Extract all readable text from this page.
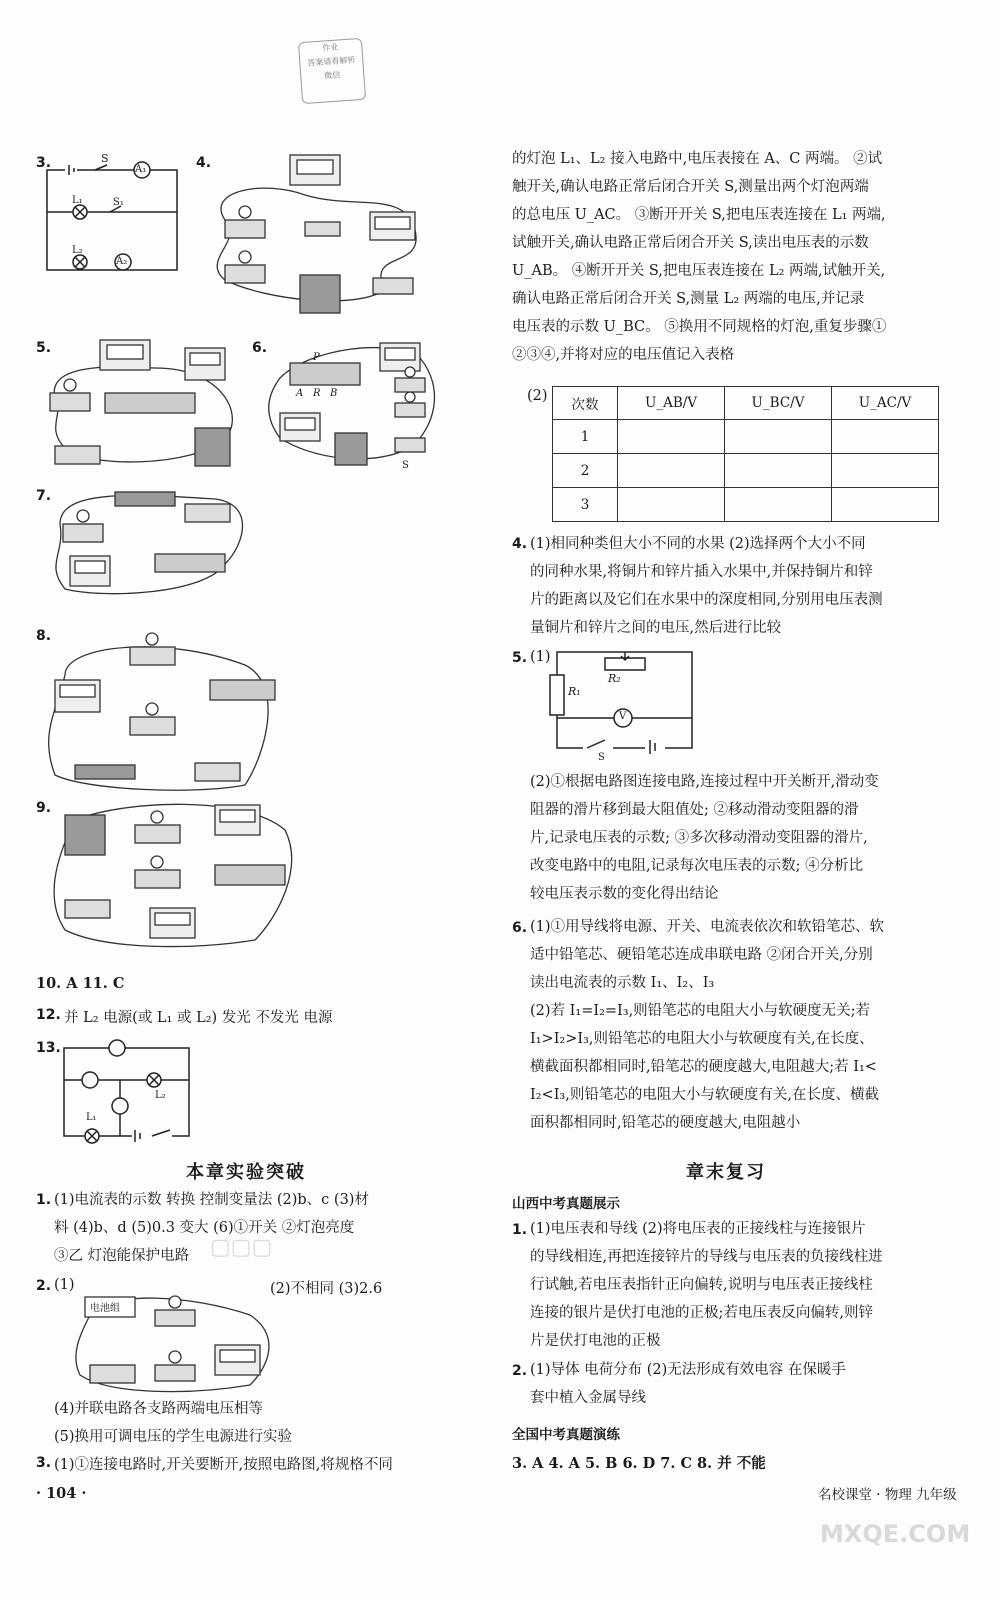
作业
答案请看解析
微信
3.	S
A₁
L₁	S₁
L₂
A₂
4.
5.	6.
P
A R B
S
7.
8.
9.
10. A 11. C
12. 并 L₂ 电源(或 L₁ 或 L₂) 发光 不发光 电源
13.
L₁
L₂
本章实验突破
1. (1)电流表的示数 转换 控制变量法 (2)b、c (3)材
料 (4)b、d (5)0.3 变大 (6)①开关 ②灯泡亮度
③乙 灯泡能保护电路
2. (1)	(2)不相同 (3)2.6
电池组
(4)并联电路各支路两端电压相等
(5)换用可调电压的学生电源进行实验
3. (1)①连接电路时,开关要断开,按照电路图,将规格不同
· 104 ·
▢▢▢
的灯泡 L₁、L₂ 接入电路中,电压表接在 A、C 两端。 ②试
触开关,确认电路正常后闭合开关 S,测量出两个灯泡两端
的总电压 U_AC。 ③断开开关 S,把电压表连接在 L₁ 两端,
试触开关,确认电路正常后闭合开关 S,读出电压表的示数
U_AB。 ④断开开关 S,把电压表连接在 L₂ 两端,试触开关,
确认电路正常后闭合开关 S,测量 L₂ 两端的电压,并记录
电压表的示数 U_BC。 ⑤换用不同规格的灯泡,重复步骤①
②③④,并将对应的电压值记入表格
(2)
次数	U_AB/V	U_BC/V	U_AC/V
1			
2			
3			
4. (1)相同种类但大小不同的水果 (2)选择两个大小不同
的同种水果,将铜片和锌片插入水果中,并保持铜片和锌
片的距离以及它们在水果中的深度相同,分别用电压表测
量铜片和锌片之间的电压,然后进行比较
5. (1)
R₁
R₂
V
S
(2)①根据电路图连接电路,连接过程中开关断开,滑动变
阻器的滑片移到最大阻值处; ②移动滑动变阻器的滑
片,记录电压表的示数; ③多次移动滑动变阻器的滑片,
改变电路中的电阻,记录每次电压表的示数; ④分析比
较电压表示数的变化得出结论
6. (1)①用导线将电源、开关、电流表依次和软铅笔芯、软
适中铅笔芯、硬铅笔芯连成串联电路 ②闭合开关,分别
读出电流表的示数 I₁、I₂、I₃
(2)若 I₁=I₂=I₃,则铅笔芯的电阻大小与软硬度无关;若
I₁>I₂>I₃,则铅笔芯的电阻大小与软硬度有关,在长度、
横截面积都相同时,铅笔芯的硬度越大,电阻越大;若 I₁<
I₂<I₃,则铅笔芯的电阻大小与软硬度有关,在长度、横截
面积都相同时,铅笔芯的硬度越大,电阻越小
章末复习
山西中考真题展示
1. (1)电压表和导线 (2)将电压表的正接线柱与连接银片
的导线相连,再把连接锌片的导线与电压表的负接线柱进
行试触,若电压表指针正向偏转,说明与电压表正接线柱
连接的银片是伏打电池的正极;若电压表反向偏转,则锌
片是伏打电池的正极
2. (1)导体 电荷分布 (2)无法形成有效电容 在保暖手
套中植入金属导线
全国中考真题演练
3. A 4. A 5. B 6. D 7. C 8. 并 不能
名校课堂 · 物理 九年级
MXQE.COM
